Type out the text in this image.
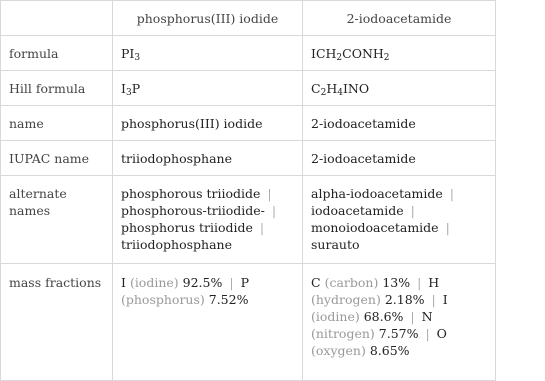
	phosphorus(III) iodide	2-iodoacetamide
formula	$PI_3$	$ICH_2CONH_2$
Hill formula	$I_3P$	$C_2H_4INO$
name	phosphorus(III) iodide	2-iodoacetamide
IUPAC name	triiodophosphane	2-iodoacetamide
alternate names	phosphorous triiodide | phosphorous-triiodide- | phosphorus triiodide | triiodophosphane	alpha-iodoacetamide | iodoacetamide | monoiodoacetamide | surauto
mass fractions	I (iodine) 92.5% | P (phosphorus) 7.52%	C (carbon) 13% | H (hydrogen) 2.18% | I (iodine) 68.6% | N (nitrogen) 7.57% | O (oxygen) 8.65%
